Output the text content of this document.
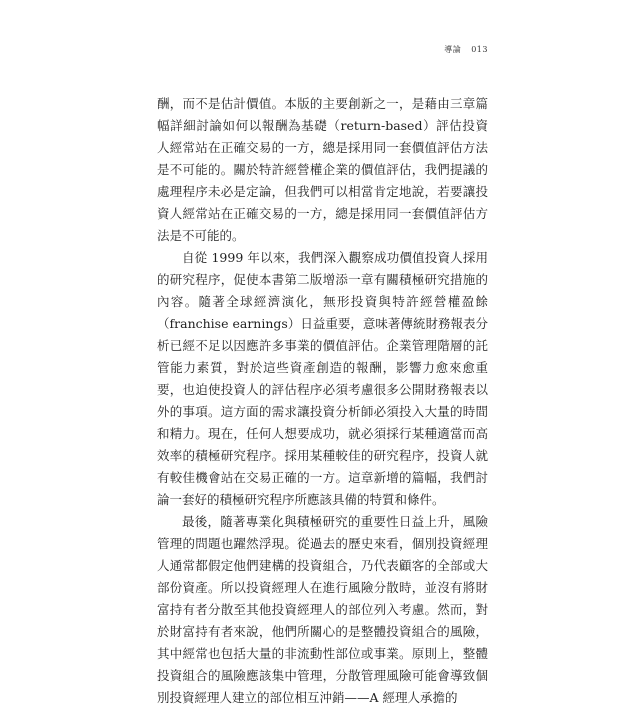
導論 013

酬，而不是估計價值。本版的主要創新之一，是藉由三章篇幅詳細討論如何以報酬為基礎（return-based）評估投資人經常站在正確交易的一方，總是採用同一套價值評估方法是不可能的。關於特許經營權企業的價值評估，我們提議的處理程序未必是定論，但我們可以相當肯定地說，若要讓投資人經常站在正確交易的一方，總是採用同一套價值評估方法是不可能的。

自從 1999 年以來，我們深入觀察成功價值投資人採用的研究程序，促使本書第二版增添一章有關積極研究措施的內容。隨著全球經濟演化，無形投資與特許經營權盈餘（franchise earnings）日益重要，意味著傳統財務報表分析已經不足以因應許多事業的價值評估。企業管理階層的託管能力素質，對於這些資產創造的報酬，影響力愈來愈重要，也迫使投資人的評估程序必須考慮很多公開財務報表以外的事項。這方面的需求讓投資分析師必須投入大量的時間和精力。現在，任何人想要成功，就必須採行某種適當而高效率的積極研究程序。採用某種較佳的研究程序，投資人就有較佳機會站在交易正確的一方。這章新增的篇幅，我們討論一套好的積極研究程序所應該具備的特質和條件。

最後，隨著專業化與積極研究的重要性日益上升，風險管理的問題也躍然浮現。從過去的歷史來看，個別投資經理人通常都假定他們建構的投資組合，乃代表顧客的全部或大部份資產。所以投資經理人在進行風險分散時，並沒有將財富持有者分散至其他投資經理人的部位列入考慮。然而，對於財富持有者來說，他們所關心的是整體投資組合的風險，其中經常也包括大量的非流動性部位或事業。原則上，整體投資組合的風險應該集中管理，分散管理風險可能會導致個別投資經理人建立的部位相互沖銷——A 經理人承擔的
